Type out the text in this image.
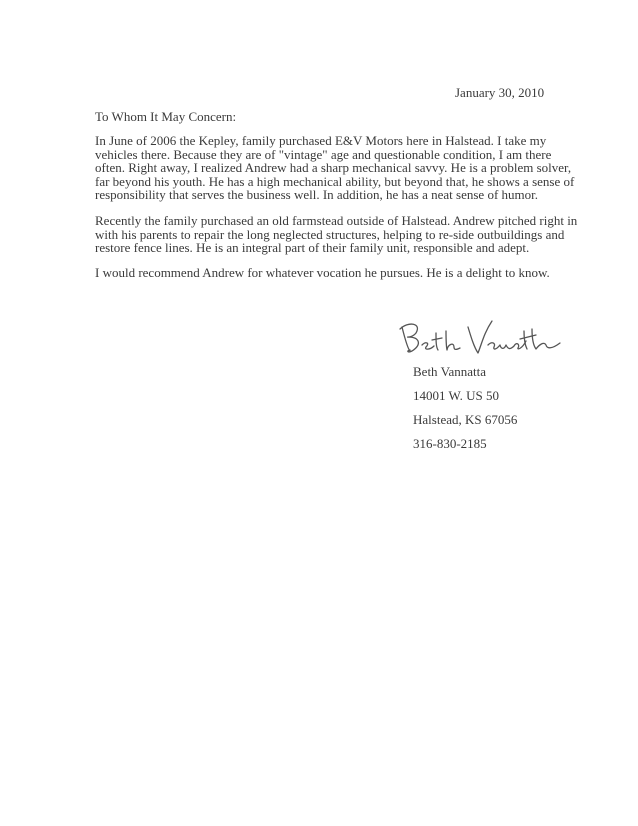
January 30, 2010
To Whom It May Concern:
In June of 2006 the Kepley, family purchased E&V Motors here in Halstead. I take my
vehicles there. Because they are of "vintage" age and questionable condition, I am there
often. Right away, I realized Andrew had a sharp mechanical savvy. He is a problem solver,
far beyond his youth. He has a high mechanical ability, but beyond that, he shows a sense of
responsibility that serves the business well. In addition, he has a neat sense of humor.
Recently the family purchased an old farmstead outside of Halstead. Andrew pitched right in
with his parents to repair the long neglected structures, helping to re-side outbuildings and
restore fence lines. He is an integral part of their family unit, responsible and adept.
I would recommend Andrew for whatever vocation he pursues. He is a delight to know.
Beth Vannatta
14001 W. US 50
Halstead, KS 67056
316-830-2185
